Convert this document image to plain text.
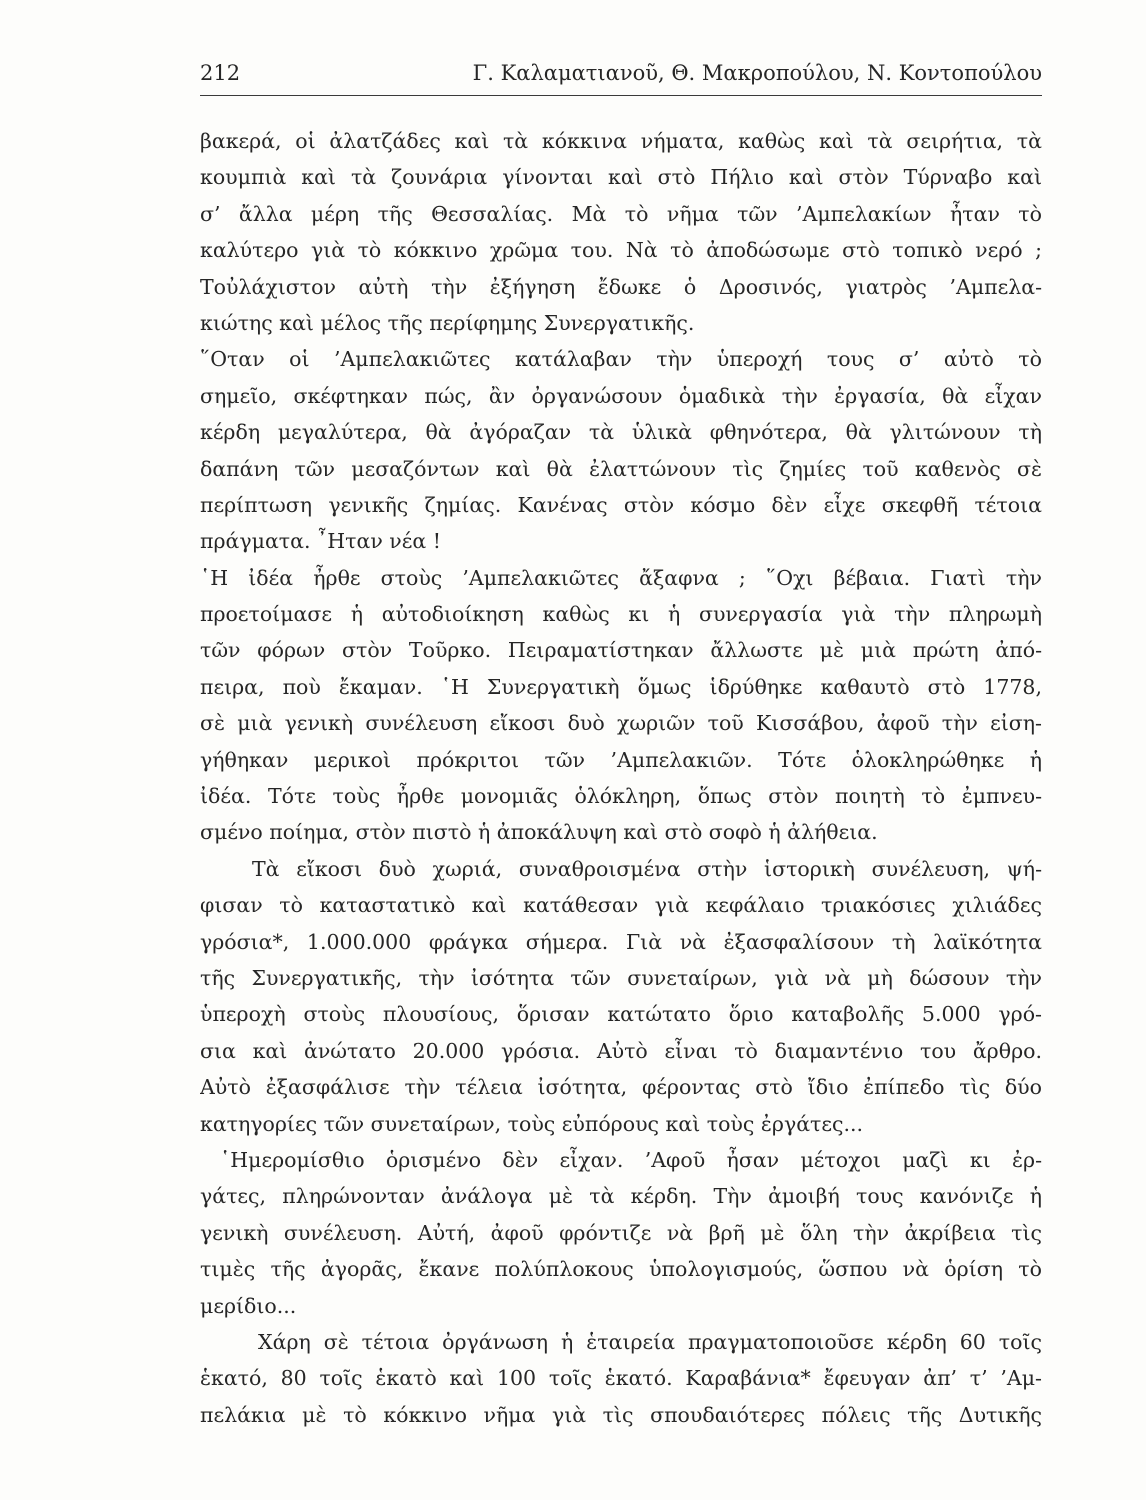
212	Γ. Καλαματιανοῦ, Θ. Μακροπούλου, Ν. Κοντοπούλου
βακερά, οἱ ἀλατζάδες καὶ τὰ κόκκινα νήματα, καθὼς καὶ τὰ σειρήτια, τὰ
κουμπιὰ καὶ τὰ ζουνάρια γίνονται καὶ στὸ Πήλιο καὶ στὸν Τύρναβο καὶ
σ’ ἄλλα μέρη τῆς Θεσσαλίας. Μὰ τὸ νῆμα τῶν ’Αμπελακίων ἦταν τὸ
καλύτερο γιὰ τὸ κόκκινο χρῶμα του. Νὰ τὸ ἀποδώσωμε στὸ τοπικὸ νερό ;
Τοὐλάχιστον αὐτὴ τὴν ἐξήγηση ἔδωκε ὁ Δροσινός, γιατρὸς ’Αμπελα-
κιώτης καὶ μέλος τῆς περίφημης Συνεργατικῆς.
῞Οταν οἱ ’Αμπελακιῶτες κατάλαβαν τὴν ὑπεροχή τους σ’ αὐτὸ τὸ
σημεῖο, σκέφτηκαν πώς, ἂν ὀργανώσουν ὁμαδικὰ τὴν ἐργασία, θὰ εἶχαν
κέρδη μεγαλύτερα, θὰ ἀγόραζαν τὰ ὑλικὰ φθηνότερα, θὰ γλιτώνουν τὴ
δαπάνη τῶν μεσαζόντων καὶ θὰ ἐλαττώνουν τὶς ζημίες τοῦ καθενὸς σὲ
περίπτωση γενικῆς ζημίας. Κανένας στὸν κόσμο δὲν εἶχε σκεφθῆ τέτοια
πράγματα. ῏Ηταν νέα !
῾Η ἰδέα ἦρθε στοὺς ’Αμπελακιῶτες ἄξαφνα ; ῞Οχι βέβαια. Γιατὶ τὴν
προετοίμασε ἡ αὐτοδιοίκηση καθὼς κι ἡ συνεργασία γιὰ τὴν πληρωμὴ
τῶν φόρων στὸν Τοῦρκο. Πειραματίστηκαν ἄλλωστε μὲ μιὰ πρώτη ἀπό-
πειρα, ποὺ ἔκαμαν. ῾Η Συνεργατικὴ ὅμως ἱδρύθηκε καθαυτὸ στὸ 1778,
σὲ μιὰ γενικὴ συνέλευση εἴκοσι δυὸ χωριῶν τοῦ Κισσάβου, ἀφοῦ τὴν εἰση-
γήθηκαν μερικοὶ πρόκριτοι τῶν ’Αμπελακιῶν. Τότε ὁλοκληρώθηκε ἡ
ἰδέα. Τότε τοὺς ἦρθε μονομιᾶς ὁλόκληρη, ὅπως στὸν ποιητὴ τὸ ἐμπνευ-
σμένο ποίημα, στὸν πιστὸ ἡ ἀποκάλυψη καὶ στὸ σοφὸ ἡ ἀλήθεια.
Τὰ εἴκοσι δυὸ χωριά, συναθροισμένα στὴν ἱστορικὴ συνέλευση, ψή-
φισαν τὸ καταστατικὸ καὶ κατάθεσαν γιὰ κεφάλαιο τριακόσιες χιλιάδες
γρόσια*, 1.000.000 φράγκα σήμερα. Γιὰ νὰ ἐξασφαλίσουν τὴ λαϊκότητα
τῆς Συνεργατικῆς, τὴν ἰσότητα τῶν συνεταίρων, γιὰ νὰ μὴ δώσουν τὴν
ὑπεροχὴ στοὺς πλουσίους, ὅρισαν κατώτατο ὅριο καταβολῆς 5.000 γρό-
σια καὶ ἀνώτατο 20.000 γρόσια. Αὐτὸ εἶναι τὸ διαμαντένιο του ἄρθρο.
Αὐτὸ ἐξασφάλισε τὴν τέλεια ἰσότητα, φέροντας στὸ ἴδιο ἐπίπεδο τὶς δύο
κατηγορίες τῶν συνεταίρων, τοὺς εὐπόρους καὶ τοὺς ἐργάτες...
῾Ημερομίσθιο ὁρισμένο δὲν εἶχαν. ’Αφοῦ ἦσαν μέτοχοι μαζὶ κι ἐρ-
γάτες, πληρώνονταν ἀνάλογα μὲ τὰ κέρδη. Τὴν ἀμοιβή τους κανόνιζε ἡ
γενικὴ συνέλευση. Αὐτή, ἀφοῦ φρόντιζε νὰ βρῆ μὲ ὅλη τὴν ἀκρίβεια τὶς
τιμὲς τῆς ἀγορᾶς, ἔκανε πολύπλοκους ὑπολογισμούς, ὥσπου νὰ ὁρίση τὸ
μερίδιο...
Χάρη σὲ τέτοια ὀργάνωση ἡ ἑταιρεία πραγματοποιοῦσε κέρδη 60 τοῖς
ἑκατό, 80 τοῖς ἑκατὸ καὶ 100 τοῖς ἑκατό. Καραβάνια* ἔφευγαν ἀπ’ τ’ ’Αμ-
πελάκια μὲ τὸ κόκκινο νῆμα γιὰ τὶς σπουδαιότερες πόλεις τῆς Δυτικῆς
